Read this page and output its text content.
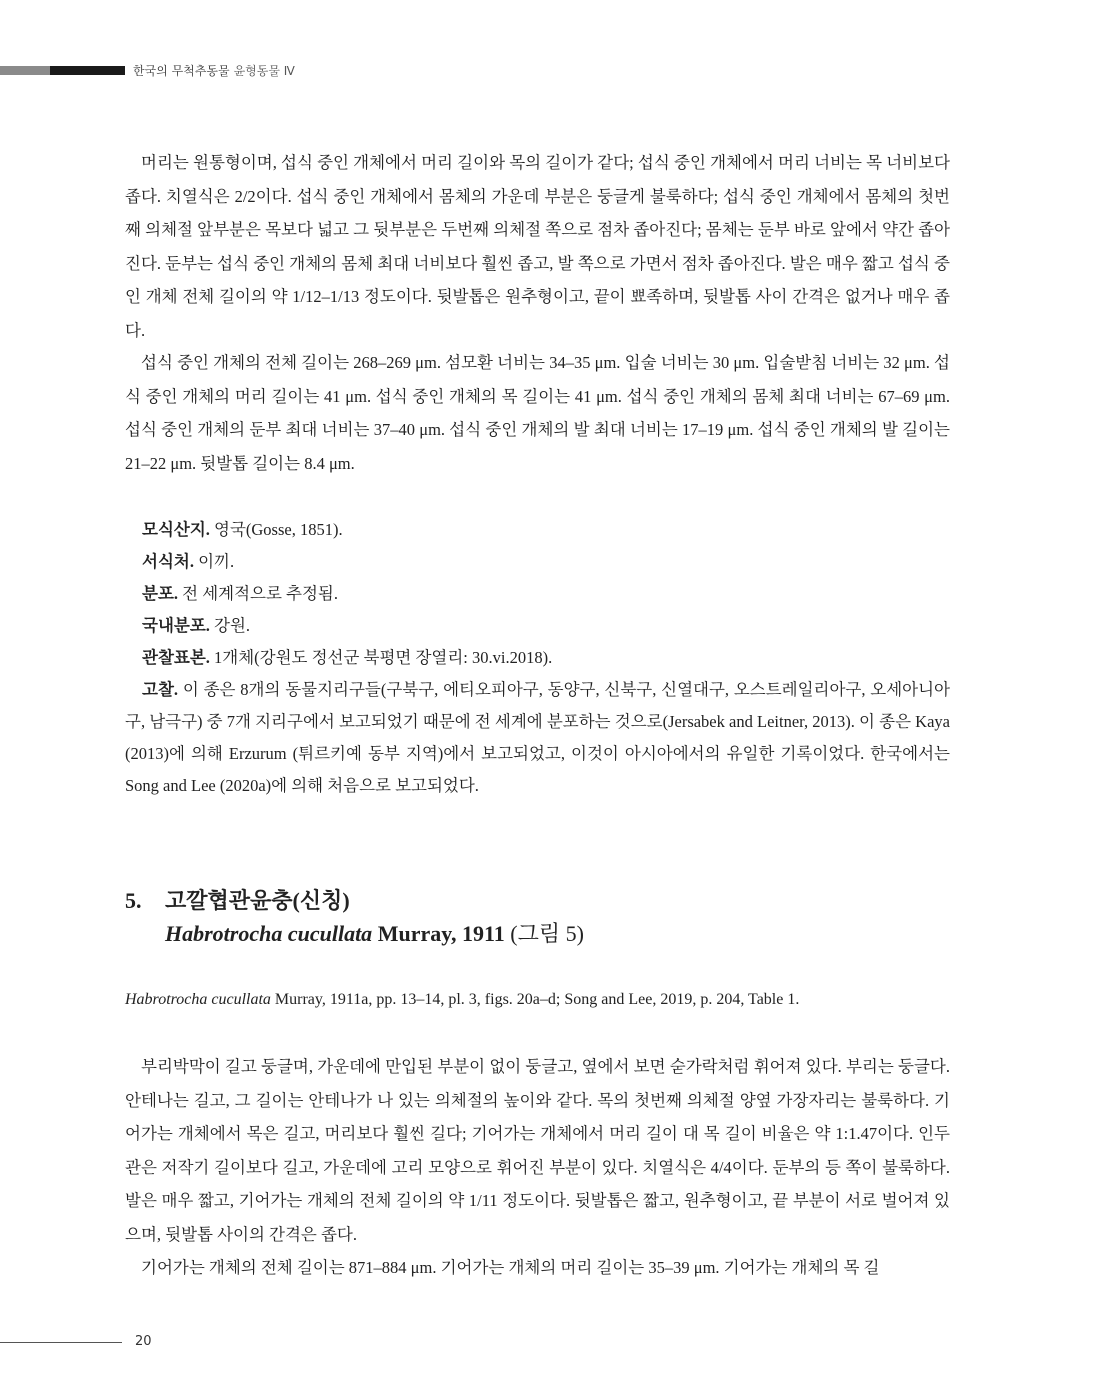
한국의 무척추동물 윤형동물 Ⅳ

머리는 원통형이며, 섭식 중인 개체에서 머리 길이와 목의 길이가 같다; 섭식 중인 개체에서 머리 너비는 목 너비보다 좁다. 치열식은 2/2이다. 섭식 중인 개체에서 몸체의 가운데 부분은 둥글게 불룩하다; 섭식 중인 개체에서 몸체의 첫번째 의체절 앞부분은 목보다 넓고 그 뒷부분은 두번째 의체절 쪽으로 점차 좁아진다; 몸체는 둔부 바로 앞에서 약간 좁아진다. 둔부는 섭식 중인 개체의 몸체 최대 너비보다 훨씬 좁고, 발 쪽으로 가면서 점차 좁아진다. 발은 매우 짧고 섭식 중인 개체 전체 길이의 약 1/12–1/13 정도이다. 뒷발톱은 원추형이고, 끝이 뾰족하며, 뒷발톱 사이 간격은 없거나 매우 좁다.

섭식 중인 개체의 전체 길이는 268–269 μm. 섬모환 너비는 34–35 μm. 입술 너비는 30 μm. 입술받침 너비는 32 μm. 섭식 중인 개체의 머리 길이는 41 μm. 섭식 중인 개체의 목 길이는 41 μm. 섭식 중인 개체의 몸체 최대 너비는 67–69 μm. 섭식 중인 개체의 둔부 최대 너비는 37–40 μm. 섭식 중인 개체의 발 최대 너비는 17–19 μm. 섭식 중인 개체의 발 길이는 21–22 μm. 뒷발톱 길이는 8.4 μm.

모식산지. 영국(Gosse, 1851).

서식처. 이끼.

분포. 전 세계적으로 추정됨.

국내분포. 강원.

관찰표본. 1개체(강원도 정선군 북평면 장열리: 30.vi.2018).

고찰. 이 종은 8개의 동물지리구들(구북구, 에티오피아구, 동양구, 신북구, 신열대구, 오스트레일리아구, 오세아니아구, 남극구) 중 7개 지리구에서 보고되었기 때문에 전 세계에 분포하는 것으로(Jersabek and Leitner, 2013). 이 종은 Kaya (2013)에 의해 Erzurum (튀르키예 동부 지역)에서 보고되었고, 이것이 아시아에서의 유일한 기록이었다. 한국에서는 Song and Lee (2020a)에 의해 처음으로 보고되었다.

5. 고깔협관윤충(신칭)
Habrotrocha cucullata Murray, 1911 (그림 5)
Habrotrocha cucullata Murray, 1911a, pp. 13–14, pl. 3, figs. 20a–d; Song and Lee, 2019, p. 204, Table 1.

부리박막이 길고 둥글며, 가운데에 만입된 부분이 없이 둥글고, 옆에서 보면 숟가락처럼 휘어져 있다. 부리는 둥글다. 안테나는 길고, 그 길이는 안테나가 나 있는 의체절의 높이와 같다. 목의 첫번째 의체절 양옆 가장자리는 불룩하다. 기어가는 개체에서 목은 길고, 머리보다 훨씬 길다; 기어가는 개체에서 머리 길이 대 목 길이 비율은 약 1:1.47이다. 인두관은 저작기 길이보다 길고, 가운데에 고리 모양으로 휘어진 부분이 있다. 치열식은 4/4이다. 둔부의 등 쪽이 불룩하다. 발은 매우 짧고, 기어가는 개체의 전체 길이의 약 1/11 정도이다. 뒷발톱은 짧고, 원추형이고, 끝 부분이 서로 벌어져 있으며, 뒷발톱 사이의 간격은 좁다.

기어가는 개체의 전체 길이는 871–884 μm. 기어가는 개체의 머리 길이는 35–39 μm. 기어가는 개체의 목 길

20
